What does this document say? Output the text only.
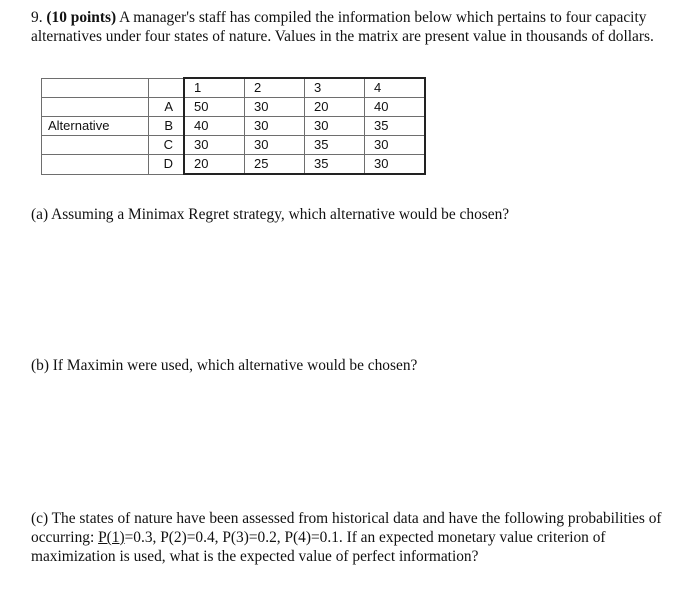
9. (10 points) A manager's staff has compiled the information below which pertains to four capacity alternatives under four states of nature. Values in the matrix are present value in thousands of dollars.
		1	2	3	4
	A	50	30	20	40
Alternative	B	40	30	30	35
	C	30	30	35	30
	D	20	25	35	30
(a) Assuming a Minimax Regret strategy, which alternative would be chosen?
(b) If Maximin were used, which alternative would be chosen?
(c) The states of nature have been assessed from historical data and have the following probabilities of occurring: P(1)=0.3, P(2)=0.4, P(3)=0.2, P(4)=0.1. If an expected monetary value criterion of maximization is used, what is the expected value of perfect information?
